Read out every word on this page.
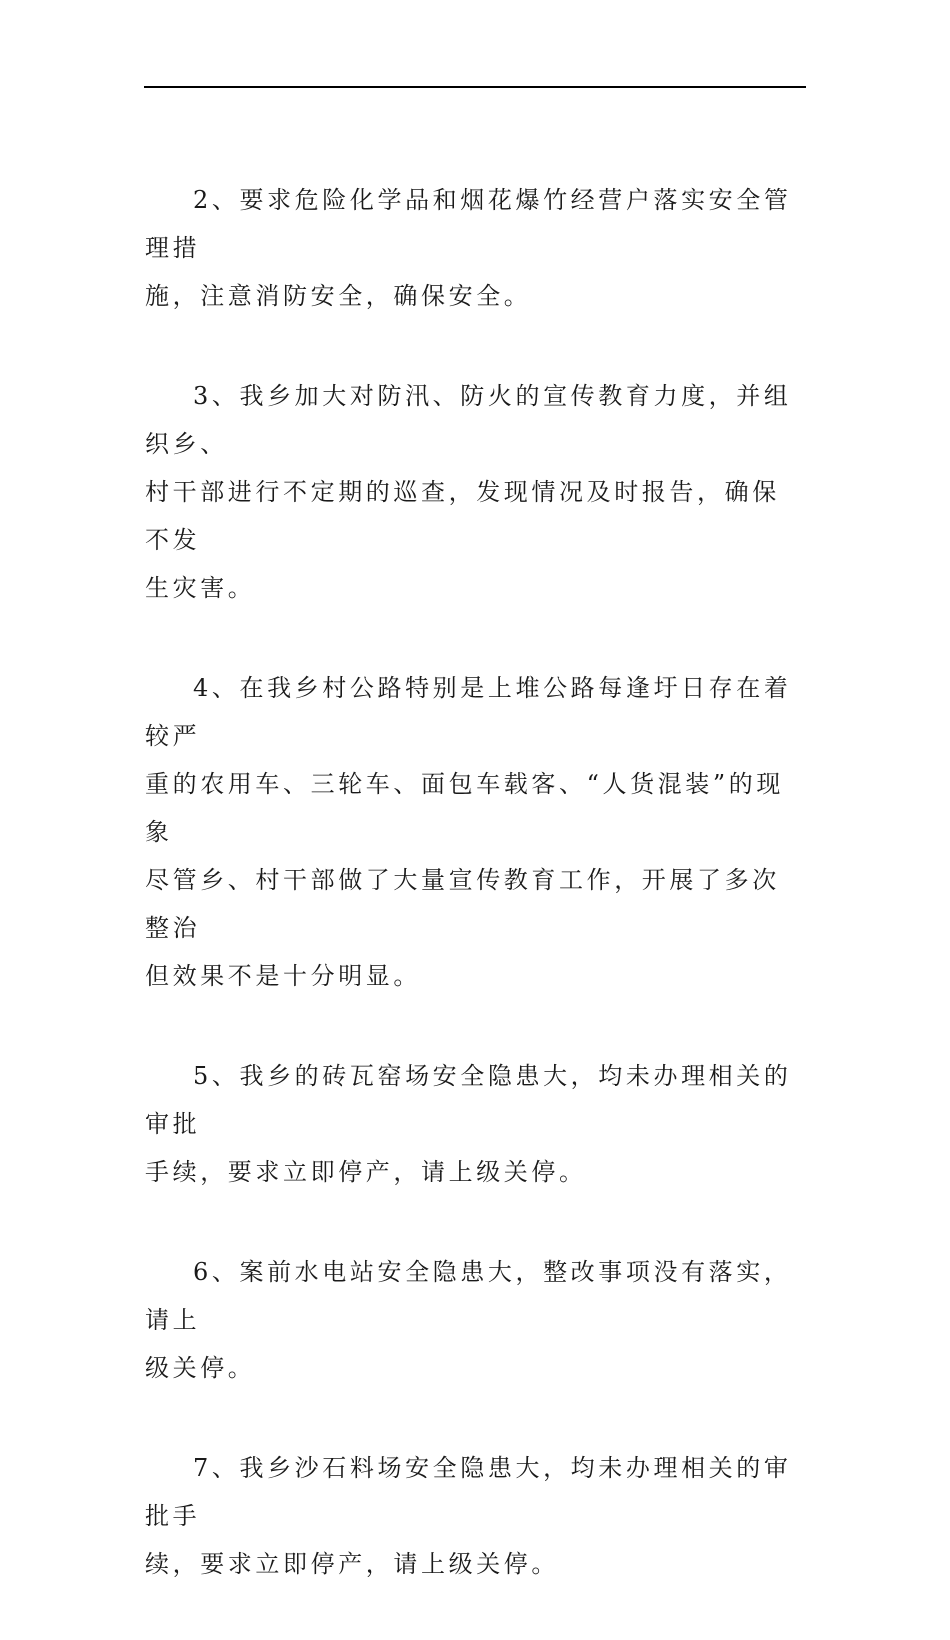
2、要求危险化学品和烟花爆竹经营户落实安全管理措
施，注意消防安全，确保安全。

3、我乡加大对防汛、防火的宣传教育力度，并组织乡、
村干部进行不定期的巡查，发现情况及时报告，确保不发
生灾害。

4、在我乡村公路特别是上堆公路每逢圩日存在着较严
重的农用车、三轮车、面包车载客、“人货混装”的现象
尽管乡、村干部做了大量宣传教育工作，开展了多次整治
但效果不是十分明显。

5、我乡的砖瓦窑场安全隐患大，均未办理相关的审批
手续，要求立即停产，请上级关停。

6、案前水电站安全隐患大，整改事项没有落实，请上
级关停。

7、我乡沙石料场安全隐患大，均未办理相关的审批手
续，要求立即停产，请上级关停。
